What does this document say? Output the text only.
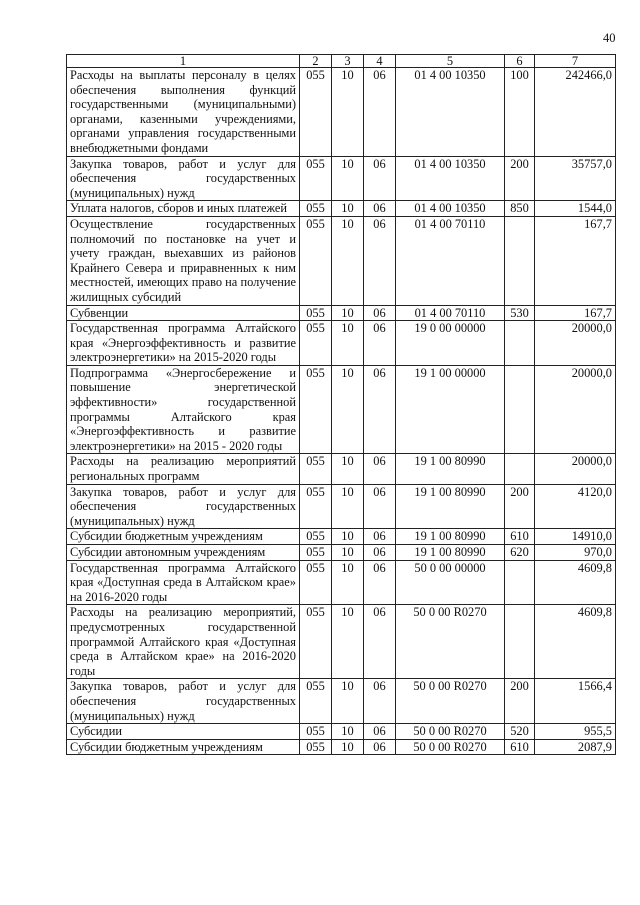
40
1	2	3	4	5	6	7
Расходы на выплаты персоналу в целях обеспечения выполнения функций государственными (муниципальными) органами, казенными учреждениями, органами управления государственными внебюджетными фондами	055	10	06	01 4 00 10350	100	242466,0
Закупка товаров, работ и услуг для обеспечения государственных (муниципальных) нужд	055	10	06	01 4 00 10350	200	35757,0
Уплата налогов, сборов и иных платежей	055	10	06	01 4 00 10350	850	1544,0
Осуществление государственных полномочий по постановке на учет и учету граждан, выехавших из районов Крайнего Севера и приравненных к ним местностей, имеющих право на получение жилищных субсидий	055	10	06	01 4 00 70110		167,7
Субвенции	055	10	06	01 4 00 70110	530	167,7
Государственная программа Алтайского края «Энергоэффективность и развитие электроэнергетики» на 2015-2020 годы	055	10	06	19 0 00 00000		20000,0
Подпрограмма «Энергосбережение и повышение энергетической эффективности» государственной программы Алтайского края «Энергоэффективность и развитие электроэнергетики» на 2015 - 2020 годы	055	10	06	19 1 00 00000		20000,0
Расходы на реализацию мероприятий региональных программ	055	10	06	19 1 00 80990		20000,0
Закупка товаров, работ и услуг для обеспечения государственных (муниципальных) нужд	055	10	06	19 1 00 80990	200	4120,0
Субсидии бюджетным учреждениям	055	10	06	19 1 00 80990	610	14910,0
Субсидии автономным учреждениям	055	10	06	19 1 00 80990	620	970,0
Государственная программа Алтайского края «Доступная среда в Алтайском крае» на 2016-2020 годы	055	10	06	50 0 00 00000		4609,8
Расходы на реализацию мероприятий, предусмотренных государственной программой Алтайского края «Доступная среда в Алтайском крае» на 2016-2020 годы	055	10	06	50 0 00 R0270		4609,8
Закупка товаров, работ и услуг для обеспечения государственных (муниципальных) нужд	055	10	06	50 0 00 R0270	200	1566,4
Субсидии	055	10	06	50 0 00 R0270	520	955,5
Субсидии бюджетным учреждениям	055	10	06	50 0 00 R0270	610	2087,9
